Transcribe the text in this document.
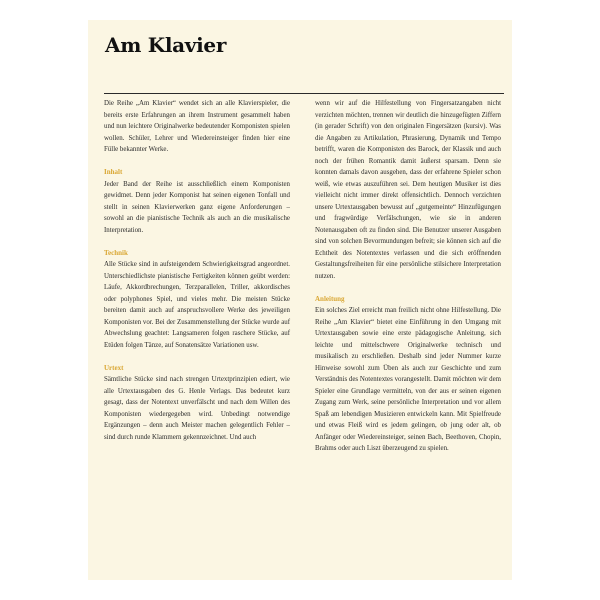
Am Klavier

Die Reihe „Am Klavier“ wendet sich an alle Klavierspieler, die bereits erste Erfahrungen an ihrem Instrument gesammelt haben und nun leichtere Originalwerke bedeutender Komponisten spielen wollen. Schüler, Lehrer und Wiedereinsteiger finden hier eine Fülle bekannter Werke.

Inhalt

Jeder Band der Reihe ist ausschließlich einem Komponisten gewidmet. Denn jeder Komponist hat seinen eigenen Tonfall und stellt in seinen Klavierwerken ganz eigene Anforderungen – sowohl an die pianistische Technik als auch an die musikalische Interpretation.

Technik

Alle Stücke sind in aufsteigendem Schwierigkeitsgrad angeordnet. Unterschiedlichste pianistische Fertigkeiten können geübt werden: Läufe, Akkordbrechungen, Terzparallelen, Triller, akkordisches oder polyphones Spiel, und vieles mehr. Die meisten Stücke bereiten damit auch auf anspruchsvollere Werke des jeweiligen Komponisten vor. Bei der Zusammenstellung der Stücke wurde auf Abwechslung geachtet: Langsameren folgen raschere Stücke, auf Etüden folgen Tänze, auf Sonatensätze Variationen usw.

Urtext

Sämtliche Stücke sind nach strengen Urtextprinzipien ediert, wie alle Urtextausgaben des G. Henle Verlags. Das bedeutet kurz gesagt, dass der Notentext unverfälscht und nach dem Willen des Komponisten wiedergegeben wird. Unbedingt notwendige Ergänzungen – denn auch Meister machen gelegentlich Fehler – sind durch runde Klammern gekennzeichnet. Und auch

wenn wir auf die Hilfestellung von Fingersatzangaben nicht verzichten möchten, trennen wir deutlich die hinzugefügten Ziffern (in gerader Schrift) von den originalen Fingersätzen (kursiv). Was die Angaben zu Artikulation, Phrasierung, Dynamik und Tempo betrifft, waren die Komponisten des Barock, der Klassik und auch noch der frühen Romantik damit äußerst sparsam. Denn sie konnten damals davon ausgehen, dass der erfahrene Spieler schon weiß, wie etwas auszuführen sei. Dem heutigen Musiker ist dies vielleicht nicht immer direkt offensichtlich. Dennoch verzichten unsere Urtextausgaben bewusst auf „gutgemeinte“ Hinzufügungen und fragwürdige Verfälschungen, wie sie in anderen Notenausgaben oft zu finden sind. Die Benutzer unserer Ausgaben sind von solchen Bevormundungen befreit; sie können sich auf die Echtheit des Notentextes verlassen und die sich eröffnenden Gestaltungsfreiheiten für eine persönliche stilsichere Interpretation nutzen.

Anleitung

Ein solches Ziel erreicht man freilich nicht ohne Hilfestellung. Die Reihe „Am Klavier“ bietet eine Einführung in den Umgang mit Urtextausgaben sowie eine erste pädagogische Anleitung, sich leichte und mittelschwere Originalwerke technisch und musikalisch zu erschließen. Deshalb sind jeder Nummer kurze Hinweise sowohl zum Üben als auch zur Geschichte und zum Verständnis des Notentextes vorangestellt. Damit möchten wir dem Spieler eine Grundlage vermitteln, von der aus er seinen eigenen Zugang zum Werk, seine persönliche Interpretation und vor allem Spaß am lebendigen Musizieren entwickeln kann. Mit Spielfreude und etwas Fleiß wird es jedem gelingen, ob jung oder alt, ob Anfänger oder Wiedereinsteiger, seinen Bach, Beethoven, Chopin, Brahms oder auch Liszt überzeugend zu spielen.
